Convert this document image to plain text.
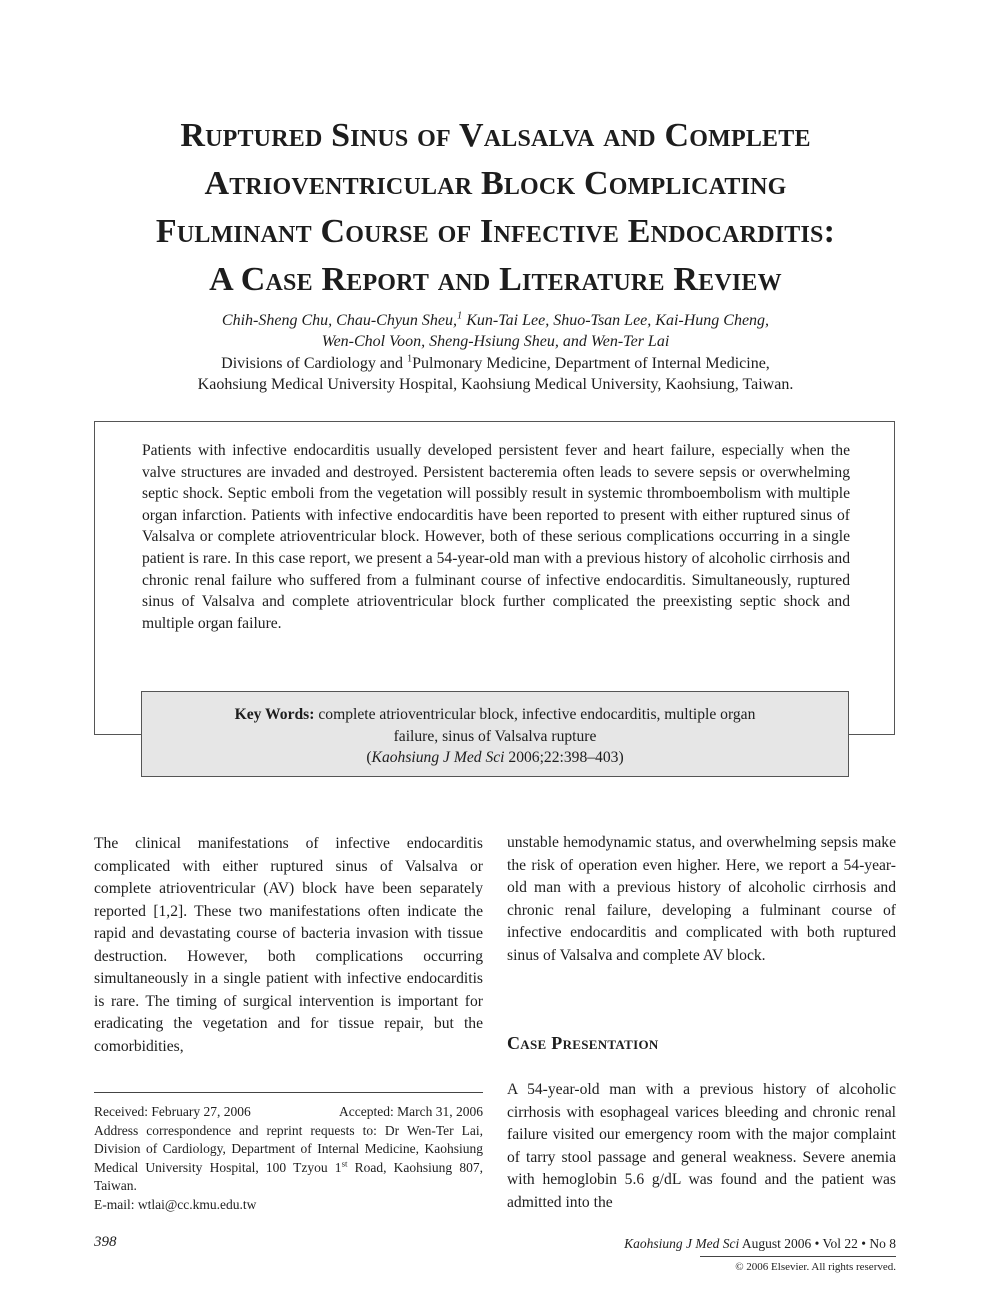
Ruptured Sinus of Valsalva and Complete
Atrioventricular Block Complicating
Fulminant Course of Infective Endocarditis:
A Case Report and Literature Review
Chih-Sheng Chu, Chau-Chyun Sheu,$^1$ Kun-Tai Lee, Shuo-Tsan Lee, Kai-Hung Cheng,
Wen-Chol Voon, Sheng-Hsiung Sheu, and Wen-Ter Lai
Divisions of Cardiology and $^1$Pulmonary Medicine, Department of Internal Medicine,
Kaohsiung Medical University Hospital, Kaohsiung Medical University, Kaohsiung, Taiwan.

Patients with infective endocarditis usually developed persistent fever and heart failure, especially when the valve structures are invaded and destroyed. Persistent bacteremia often leads to severe sepsis or overwhelming septic shock. Septic emboli from the vegetation will possibly result in systemic thromboembolism with multiple organ infarction. Patients with infective endocarditis have been reported to present with either ruptured sinus of Valsalva or complete atrioventricular block. However, both of these serious complications occurring in a single patient is rare. In this case report, we present a 54-year-old man with a previous history of alcoholic cirrhosis and chronic renal failure who suffered from a fulminant course of infective endocarditis. Simultaneously, ruptured sinus of Valsalva and complete atrioventricular block further complicated the preexisting septic shock and multiple organ failure.

Key Words: complete atrioventricular block, infective endocarditis, multiple organ
failure, sinus of Valsalva rupture
(Kaohsiung J Med Sci 2006;22:398–403)

The clinical manifestations of infective endocarditis complicated with either ruptured sinus of Valsalva or complete atrioventricular (AV) block have been separately reported [1,2]. These two manifestations often indicate the rapid and devastating course of bacteria invasion with tissue destruction. However, both complications occurring simultaneously in a single patient with infective endocarditis is rare. The timing of surgical intervention is important for eradicating the vegetation and for tissue repair, but the comorbidities,

unstable hemodynamic status, and overwhelming sepsis make the risk of operation even higher. Here, we report a 54-year-old man with a previous history of alcoholic cirrhosis and chronic renal failure, developing a fulminant course of infective endocarditis and complicated with both ruptured sinus of Valsalva and complete AV block.

Case Presentation

A 54-year-old man with a previous history of alcoholic cirrhosis with esophageal varices bleeding and chronic renal failure visited our emergency room with the major complaint of tarry stool passage and general weakness. Severe anemia with hemoglobin 5.6 g/dL was found and the patient was admitted into the

Received: February 27, 2006	Accepted: March 31, 2006
Address correspondence and reprint requests to: Dr Wen-Ter Lai, Division of Cardiology, Department of Internal Medicine, Kaohsiung Medical University Hospital, 100 Tzyou 1st Road, Kaohsiung 807, Taiwan.
E-mail: wtlai@cc.kmu.edu.tw
398	Kaohsiung J Med Sci August 2006 • Vol 22 • No 8
© 2006 Elsevier. All rights reserved.
